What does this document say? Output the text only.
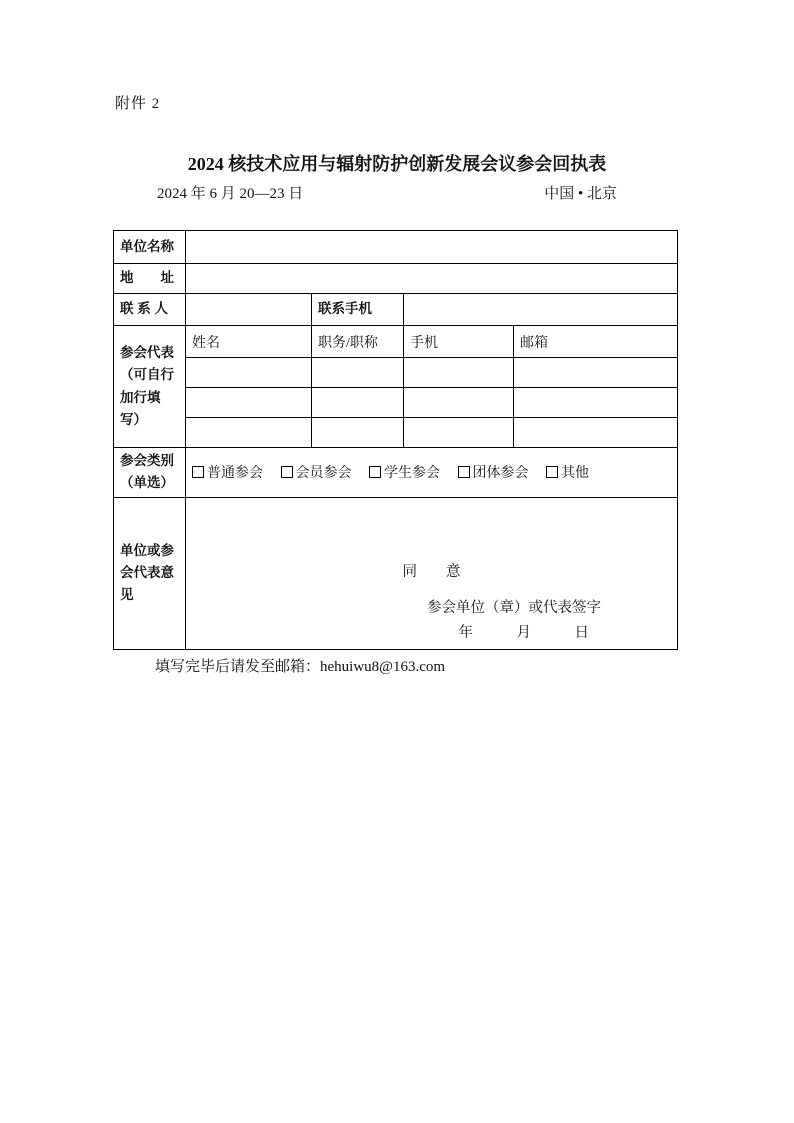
附件 2
2024 核技术应用与辐射防护创新发展会议参会回执表
2024 年 6 月 20—23 日	中国 • 北京
单位名称				
地　　址				
联 系 人		联系手机		
参会代表（可自行加行填写）	姓名	职务/职称	手机	邮箱

参会类别（单选）	普通参会 会员参会 学生参会 团体参会 其他			
单位或参会代表意见	同　　意
参会单位（章）或代表签字
年　　　月　　　日			
填写完毕后请发至邮箱：hehuiwu8@163.com
